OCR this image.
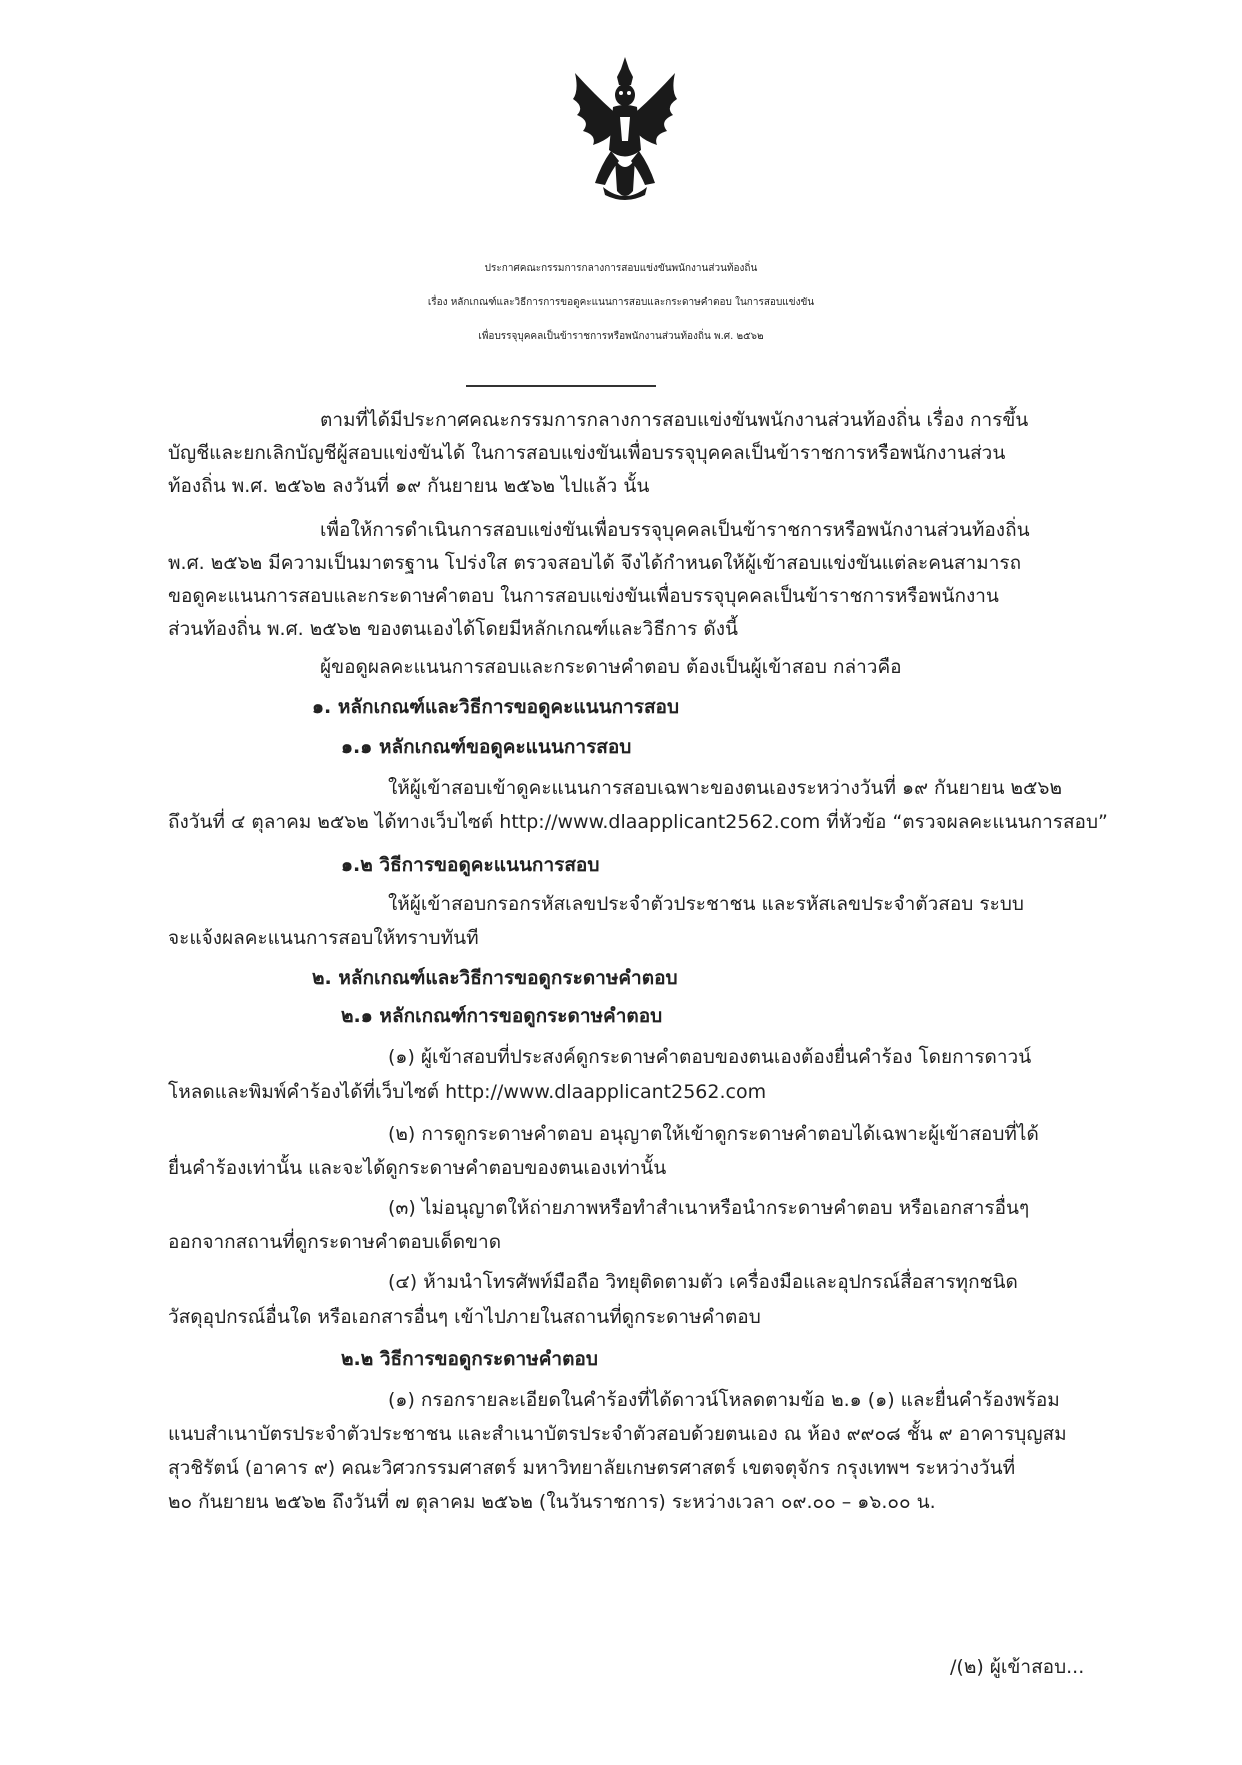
ประกาศคณะกรรมการกลางการสอบแข่งขันพนักงานส่วนท้องถิ่น
เรื่อง หลักเกณฑ์และวิธีการการขอดูคะแนนการสอบและกระดาษคำตอบ ในการสอบแข่งขัน
เพื่อบรรจุบุคคลเป็นข้าราชการหรือพนักงานส่วนท้องถิ่น พ.ศ. ๒๕๖๒
ตามที่ได้มีประกาศคณะกรรมการกลางการสอบแข่งขันพนักงานส่วนท้องถิ่น เรื่อง การขึ้น
บัญชีและยกเลิกบัญชีผู้สอบแข่งขันได้ ในการสอบแข่งขันเพื่อบรรจุบุคคลเป็นข้าราชการหรือพนักงานส่วน
ท้องถิ่น พ.ศ. ๒๕๖๒ ลงวันที่ ๑๙ กันยายน ๒๕๖๒ ไปแล้ว นั้น
เพื่อให้การดำเนินการสอบแข่งขันเพื่อบรรจุบุคคลเป็นข้าราชการหรือพนักงานส่วนท้องถิ่น
พ.ศ. ๒๕๖๒ มีความเป็นมาตรฐาน โปร่งใส ตรวจสอบได้ จึงได้กำหนดให้ผู้เข้าสอบแข่งขันแต่ละคนสามารถ
ขอดูคะแนนการสอบและกระดาษคำตอบ ในการสอบแข่งขันเพื่อบรรจุบุคคลเป็นข้าราชการหรือพนักงาน
ส่วนท้องถิ่น พ.ศ. ๒๕๖๒ ของตนเองได้โดยมีหลักเกณฑ์และวิธีการ ดังนี้
ผู้ขอดูผลคะแนนการสอบและกระดาษคำตอบ ต้องเป็นผู้เข้าสอบ กล่าวคือ
๑. หลักเกณฑ์และวิธีการขอดูคะแนนการสอบ
๑.๑ หลักเกณฑ์ขอดูคะแนนการสอบ
ให้ผู้เข้าสอบเข้าดูคะแนนการสอบเฉพาะของตนเองระหว่างวันที่ ๑๙ กันยายน ๒๕๖๒
ถึงวันที่ ๔ ตุลาคม ๒๕๖๒ ได้ทางเว็บไซต์ http://www.dlaapplicant2562.com ที่หัวข้อ “ตรวจผลคะแนนการสอบ”
๑.๒ วิธีการขอดูคะแนนการสอบ
ให้ผู้เข้าสอบกรอกรหัสเลขประจำตัวประชาชน และรหัสเลขประจำตัวสอบ ระบบ
จะแจ้งผลคะแนนการสอบให้ทราบทันที
๒. หลักเกณฑ์และวิธีการขอดูกระดาษคำตอบ
๒.๑ หลักเกณฑ์การขอดูกระดาษคำตอบ
(๑) ผู้เข้าสอบที่ประสงค์ดูกระดาษคำตอบของตนเองต้องยื่นคำร้อง โดยการดาวน์
โหลดและพิมพ์คำร้องได้ที่เว็บไซต์ http://www.dlaapplicant2562.com
(๒) การดูกระดาษคำตอบ อนุญาตให้เข้าดูกระดาษคำตอบได้เฉพาะผู้เข้าสอบที่ได้
ยื่นคำร้องเท่านั้น และจะได้ดูกระดาษคำตอบของตนเองเท่านั้น
(๓) ไม่อนุญาตให้ถ่ายภาพหรือทำสำเนาหรือนำกระดาษคำตอบ หรือเอกสารอื่นๆ
ออกจากสถานที่ดูกระดาษคำตอบเด็ดขาด
(๔) ห้ามนำโทรศัพท์มือถือ วิทยุติดตามตัว เครื่องมือและอุปกรณ์สื่อสารทุกชนิด
วัสดุอุปกรณ์อื่นใด หรือเอกสารอื่นๆ เข้าไปภายในสถานที่ดูกระดาษคำตอบ
๒.๒ วิธีการขอดูกระดาษคำตอบ
(๑) กรอกรายละเอียดในคำร้องที่ได้ดาวน์โหลดตามข้อ ๒.๑ (๑) และยื่นคำร้องพร้อม
แนบสำเนาบัตรประจำตัวประชาชน และสำเนาบัตรประจำตัวสอบด้วยตนเอง ณ ห้อง ๙๙๐๘ ชั้น ๙ อาคารบุญสม
สุวชิรัตน์ (อาคาร ๙) คณะวิศวกรรมศาสตร์ มหาวิทยาลัยเกษตรศาสตร์ เขตจตุจักร กรุงเทพฯ ระหว่างวันที่
๒๐ กันยายน ๒๕๖๒ ถึงวันที่ ๗ ตุลาคม ๒๕๖๒ (ในวันราชการ) ระหว่างเวลา ๐๙.๐๐ – ๑๖.๐๐ น.
/(๒) ผู้เข้าสอบ...
